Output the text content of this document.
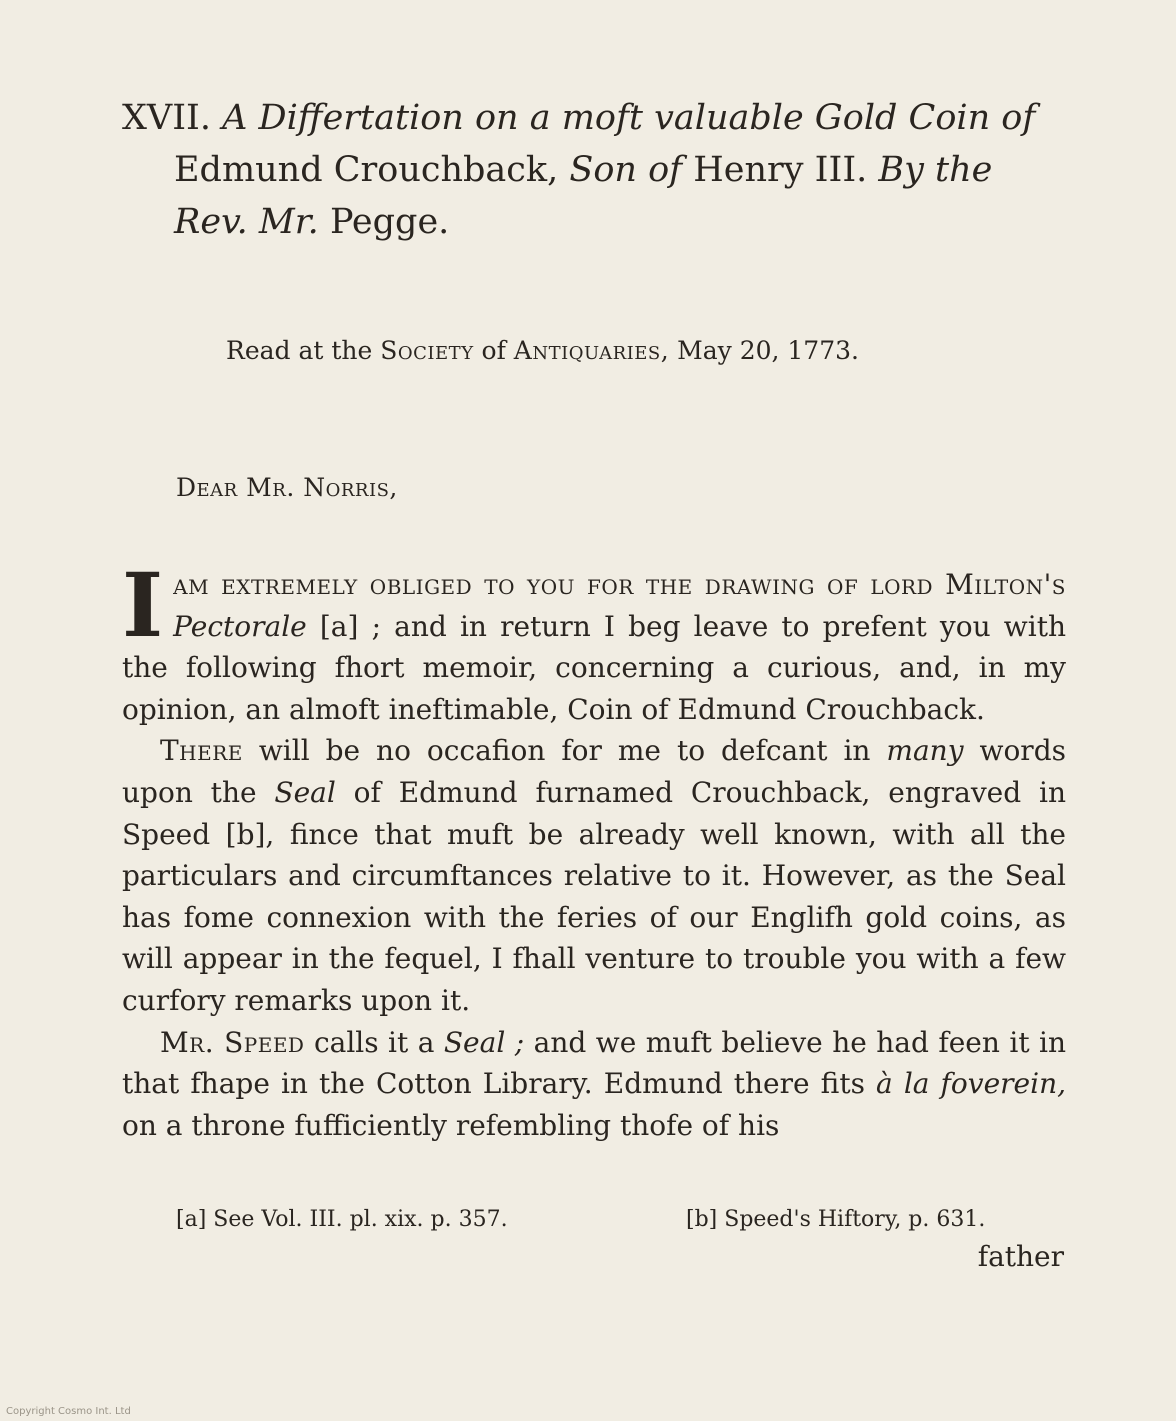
XVII. A Differtation on a moft valuable Gold Coin of
Edmund Crouchback, Son of Henry III. By the
Rev. Mr. Pegge.
Read at the Society of Antiquaries, May 20, 1773.
Dear Mr. Norris,

I am extremely obliged to you for the drawing of lord Milton's Pectorale [a] ; and in return I beg leave to prefent you with the following fhort memoir, concerning a curious, and, in my opinion, an almoft ineftimable, Coin of Edmund Crouchback.

There will be no occafion for me to defcant in many words upon the Seal of Edmund furnamed Crouchback, engraved in Speed [b], fince that muft be already well known, with all the particulars and circumftances relative to it. However, as the Seal has fome connexion with the feries of our Englifh gold coins, as will appear in the fequel, I fhall venture to trouble you with a few curfory remarks upon it.

Mr. Speed calls it a Seal ; and we muft believe he had feen it in that fhape in the Cotton Library. Edmund there fits à la foverein, on a throne fufficiently refembling thofe of his

[a] See Vol. III. pl. xix. p. 357.	[b] Speed's Hiftory, p. 631.
father
Copyright Cosmo Int. Ltd
